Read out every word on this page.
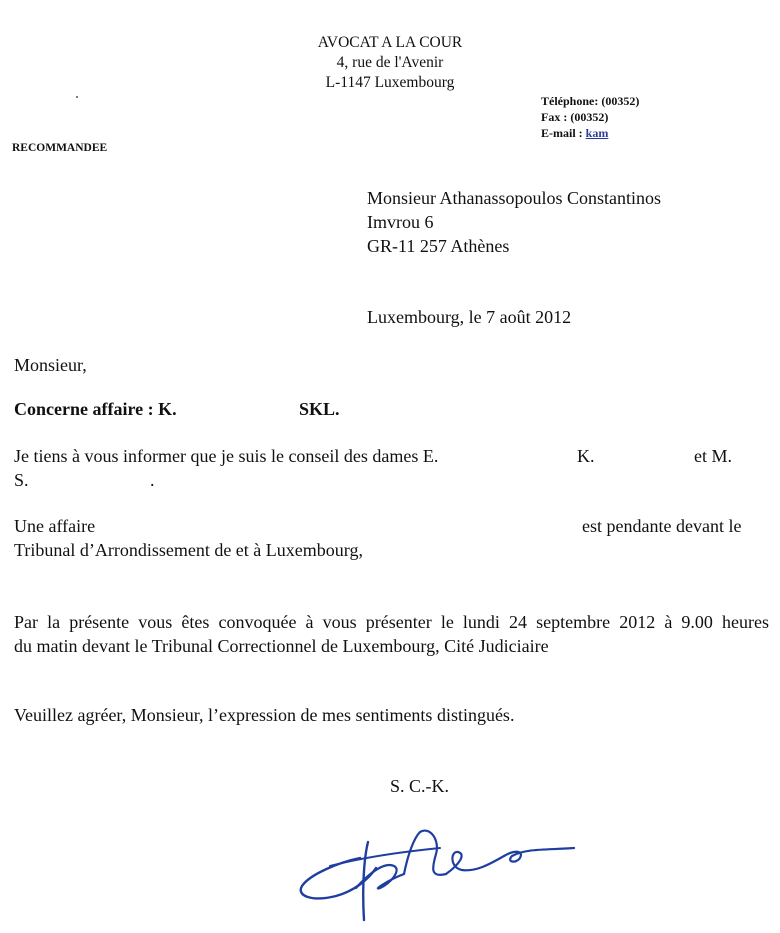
AVOCAT A LA COUR
4, rue de l'Avenir
L-1147 Luxembourg
Téléphone: (00352)
Fax : (00352)
E-mail : kam
RECOMMANDEE
Monsieur Athanassopoulos Constantinos
Imvrou 6
GR-11 257 Athènes
Luxembourg, le 7 août 2012
Monsieur,
Concerne affaire : K.	SKL.
Je tiens à vous informer que je suis le conseil des dames E.	K.	et M.
S.	.
Une affaire	est pendante devant le
Tribunal d’Arrondissement de et à Luxembourg,
Par la présente vous êtes convoquée à vous présenter le lundi 24 septembre 2012 à 9.00 heures
du matin devant le Tribunal Correctionnel de Luxembourg, Cité Judiciaire
Veuillez agréer, Monsieur, l’expression de mes sentiments distingués.
S. C.-K.
